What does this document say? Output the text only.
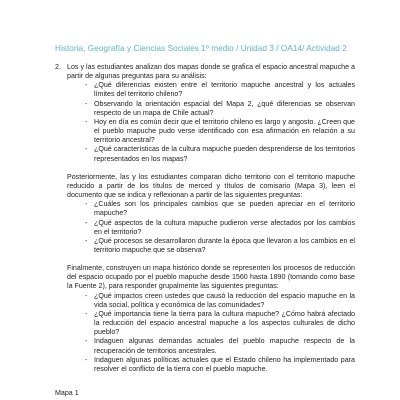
Historia, Geografía y Ciencias Sociales 1º medio / Unidad 3 / OA14/ Actividad 2
2. Los y las estudiantes analizan dos mapas donde se grafica el espacio ancestral mapuche a partir de algunas preguntas para su análisis:

- ¿Qué diferencias existen entre el territorio mapuche ancestral y los actuales límites del territorio chileno?
- Observando la orientación espacial del Mapa 2, ¿qué diferencias se observan respecto de un mapa de Chile actual?
- Hoy en día es común decir que el territorio chileno es largo y angosto. ¿Creen que el pueblo mapuche pudo verse identificado con esa afirmación en relación a su territorio ancestral?
- ¿Qué características de la cultura mapuche pueden desprenderse de los territorios representados en los mapas?

Posteriormente, las y los estudiantes comparan dicho territorio con el territorio mapuche reducido a partir de los títulos de merced y títulos de comisario (Mapa 3), leen el documento que se indica y reflexionan a partir de las siguientes preguntas:

- ¿Cuáles son los principales cambios que se pueden apreciar en el territorio mapuche?
- ¿Qué aspectos de la cultura mapuche pudieron verse afectados por los cambios en el territorio?
- ¿Qué procesos se desarrollaron durante la época que llevaron a los cambios en el territorio mapuche que se observa?

Finalmente, construyen un mapa histórico donde se representen los procesos de reducción del espacio ocupado por el pueblo mapuche desde 1560 hasta 1890 (tomando como base la Fuente 2), para responder grupalmente las siguientes preguntas:

- ¿Qué impactos creen ustedes que causó la reducción del espacio mapuche en la vida social, política y económica de las comunidades?
- ¿Qué importancia tiene la tierra para la cultura mapuche? ¿Cómo habrá afectado la reducción del espacio ancestral mapuche a los aspectos culturales de dicho pueblo?
- Indaguen algunas demandas actuales del pueblo mapuche respecto de la recuperación de territorios ancestrales.
- Indaguen algunas políticas actuales que el Estado chileno ha implementado para resolver el conflicto de la tierra con el pueblo mapuche.
Mapa 1
